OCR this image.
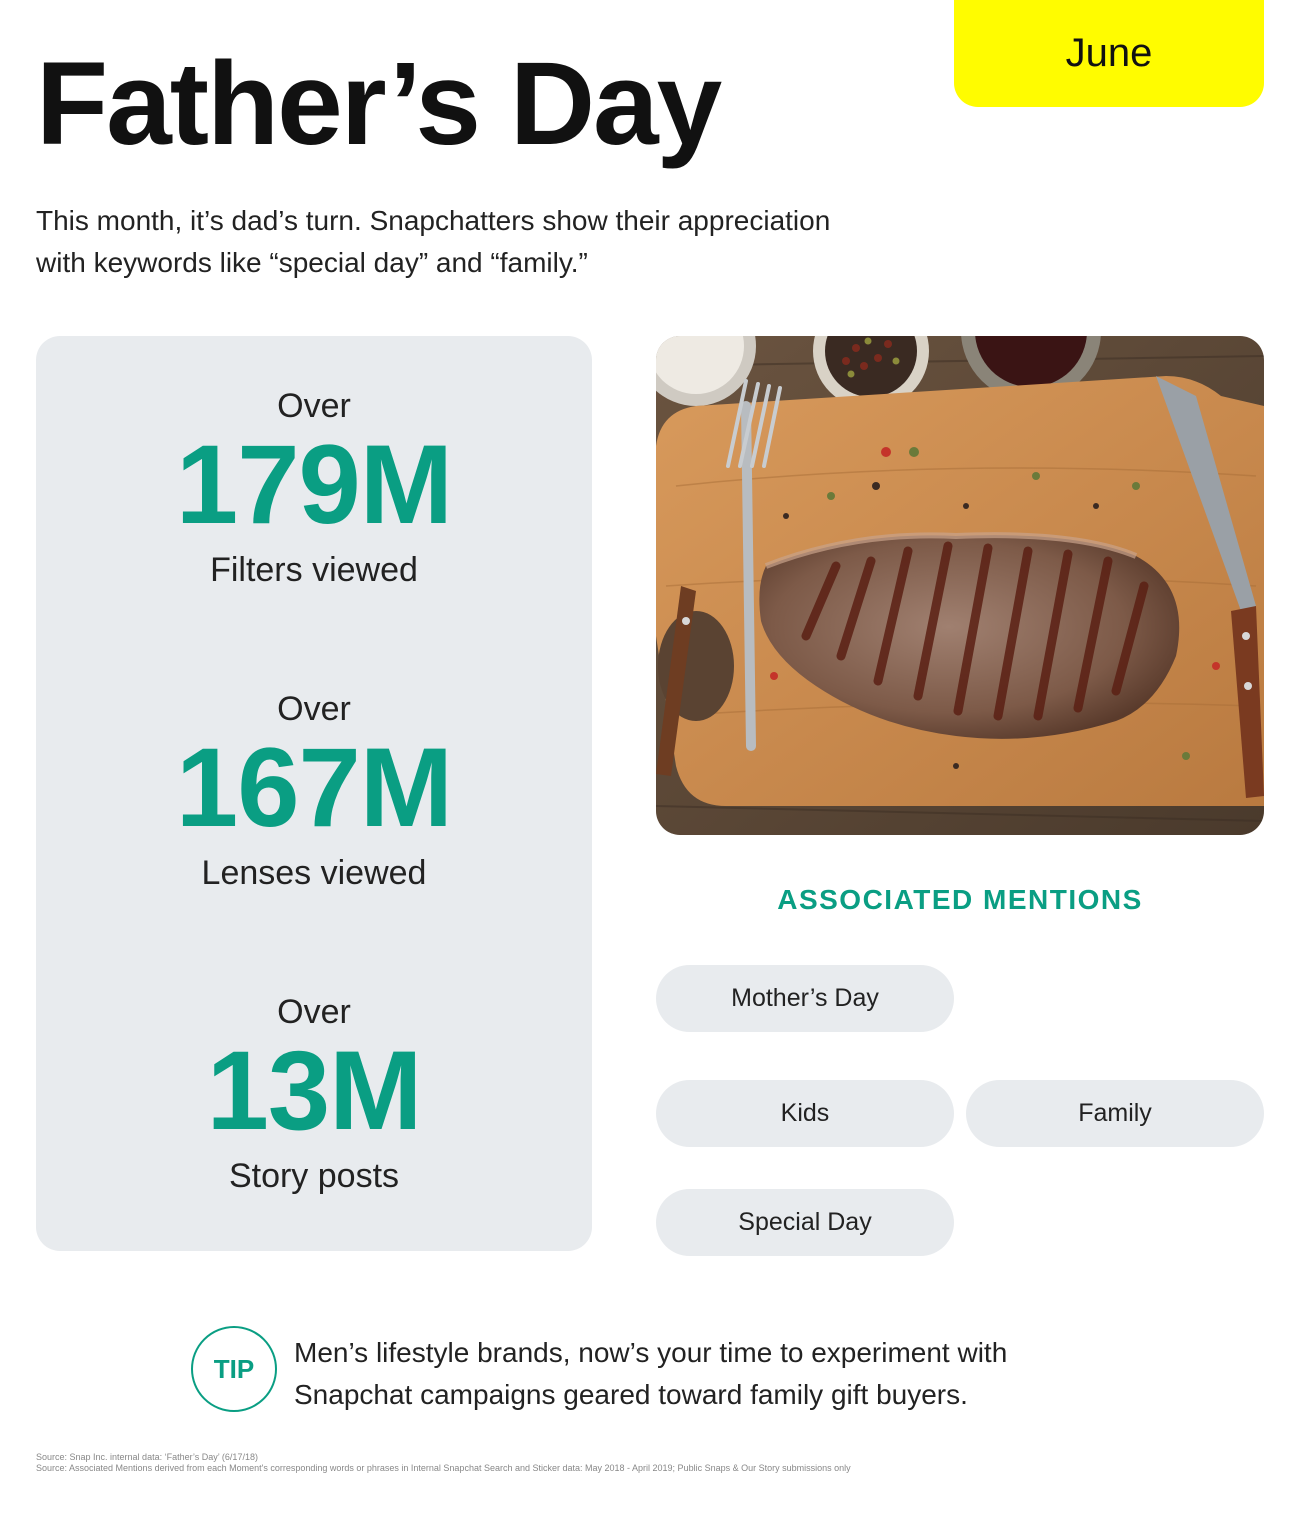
June
Father’s Day
This month, it’s dad’s turn. Snapchatters show their appreciation with keywords like “special day” and “family.”
Over
179M
Filters viewed
Over
167M
Lenses viewed
Over
13M
Story posts
ASSOCIATED MENTIONS
Mother’s Day
Kids	Family
Special Day
TIP
Men’s lifestyle brands, now’s your time to experiment with Snapchat campaigns geared toward family gift buyers.
Source: Snap Inc. internal data: ‘Father’s Day’ (6/17/18)
Source: Associated Mentions derived from each Moment's corresponding words or phrases in Internal Snapchat Search and Sticker data: May 2018 - April 2019; Public Snaps & Our Story submissions only
